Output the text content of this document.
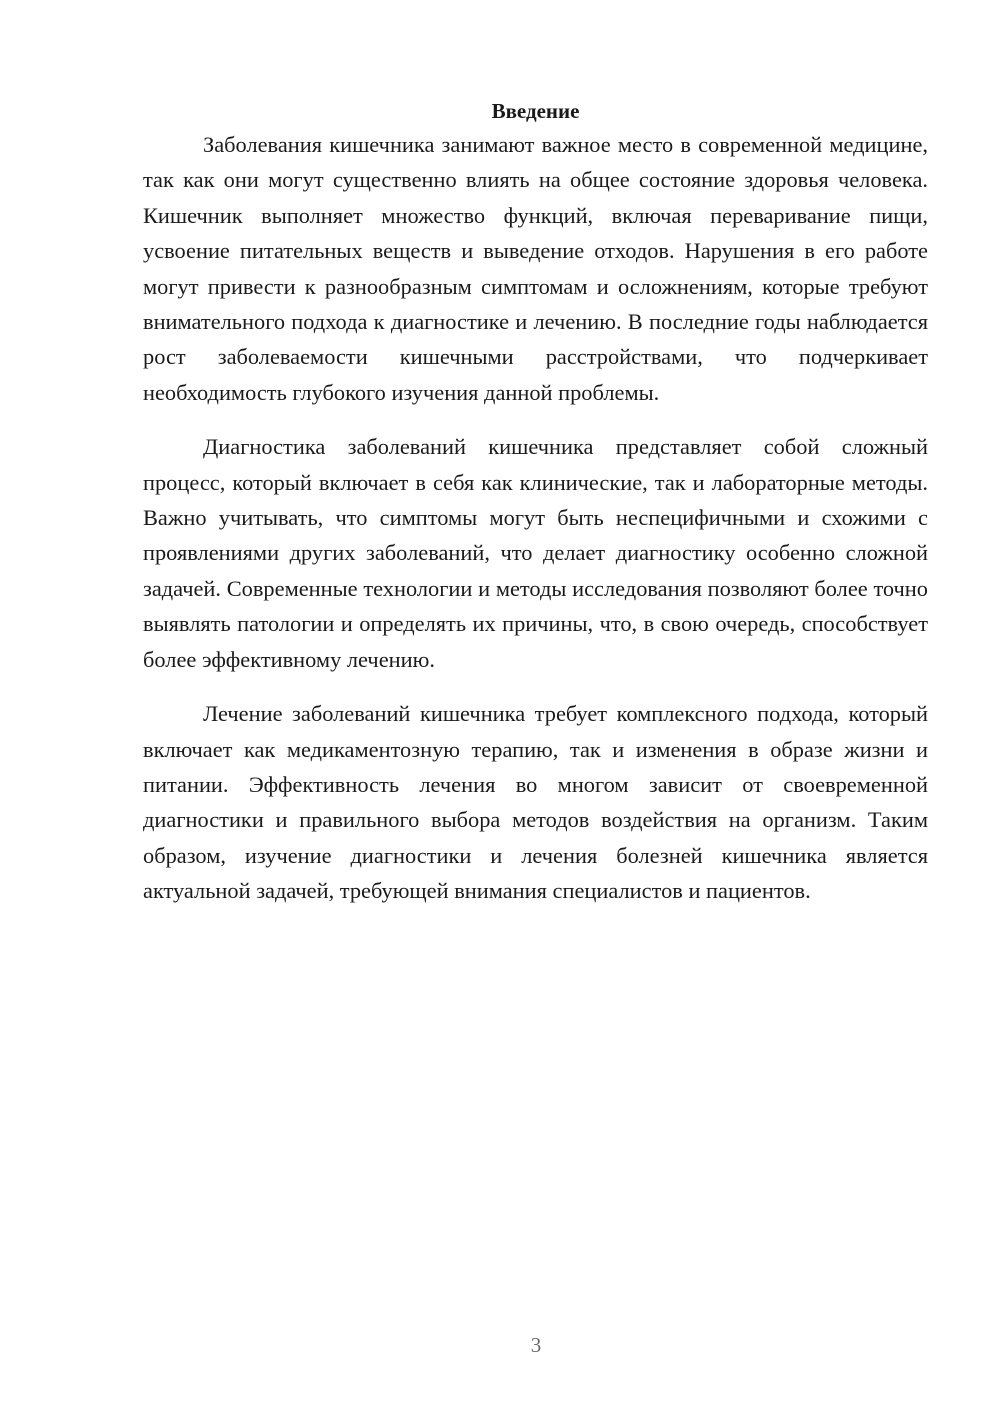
Введение

Заболевания кишечника занимают важное место в современной медицине, так как они могут существенно влиять на общее состояние здоровья человека. Кишечник выполняет множество функций, включая переваривание пищи, усвоение питательных веществ и выведение отходов. Нарушения в его работе могут привести к разнообразным симптомам и осложнениям, которые требуют внимательного подхода к диагностике и лечению. В последние годы наблюдается рост заболеваемости кишечными расстройствами, что подчеркивает необходимость глубокого изучения данной проблемы.

Диагностика заболеваний кишечника представляет собой сложный процесс, который включает в себя как клинические, так и лабораторные методы. Важно учитывать, что симптомы могут быть неспецифичными и схожими с проявлениями других заболеваний, что делает диагностику особенно сложной задачей. Современные технологии и методы исследования позволяют более точно выявлять патологии и определять их причины, что, в свою очередь, способствует более эффективному лечению.

Лечение заболеваний кишечника требует комплексного подхода, который включает как медикаментозную терапию, так и изменения в образе жизни и питании. Эффективность лечения во многом зависит от своевременной диагностики и правильного выбора методов воздействия на организм. Таким образом, изучение диагностики и лечения болезней кишечника является актуальной задачей, требующей внимания специалистов и пациентов.

3
